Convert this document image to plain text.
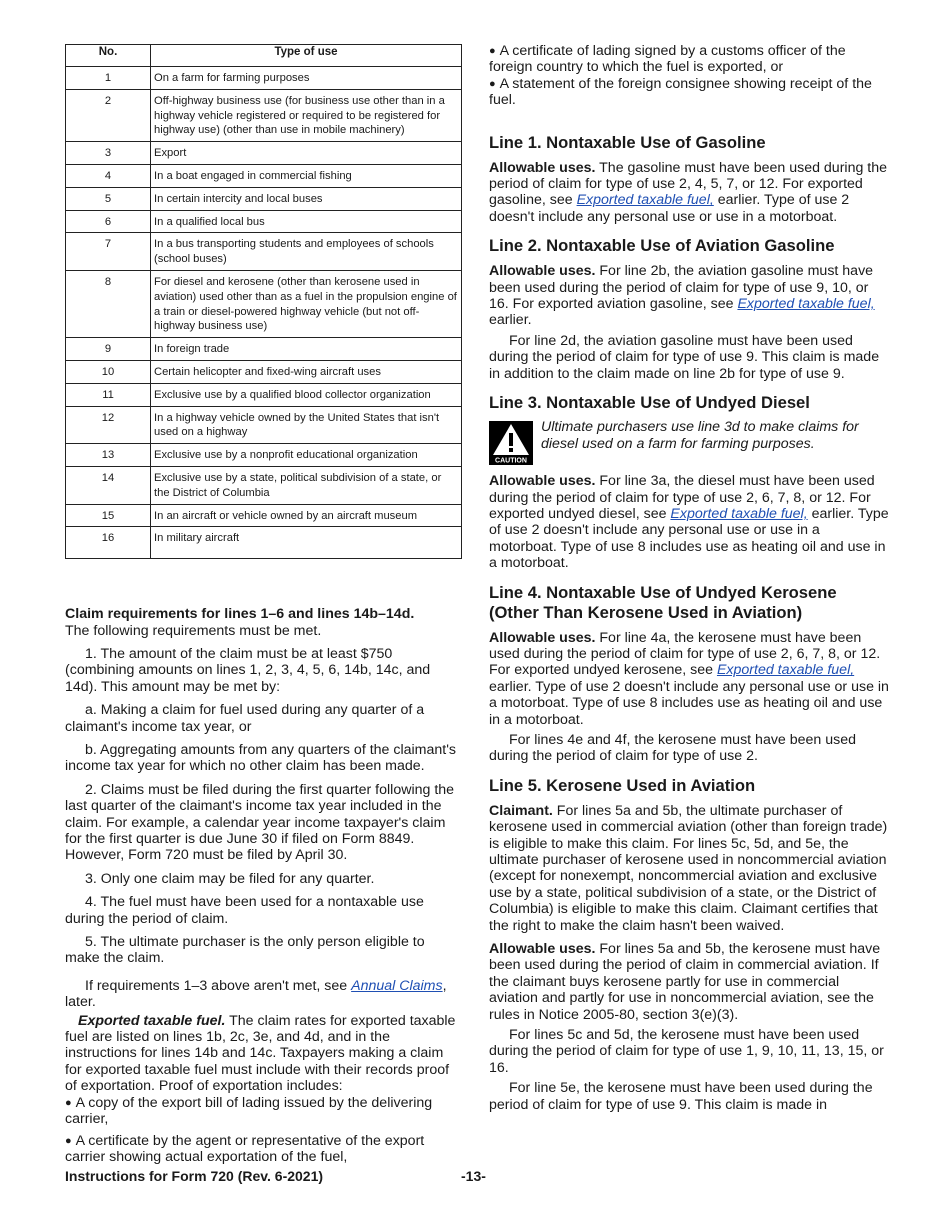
No.	Type of use
1	On a farm for farming purposes
2	Off-highway business use (for business use other than in a highway vehicle registered or required to be registered for highway use) (other than use in mobile machinery)
3	Export
4	In a boat engaged in commercial fishing
5	In certain intercity and local buses
6	In a qualified local bus
7	In a bus transporting students and employees of schools (school buses)
8	For diesel and kerosene (other than kerosene used in aviation) used other than as a fuel in the propulsion engine of a train or diesel-powered highway vehicle (but not off-highway business use)
9	In foreign trade
10	Certain helicopter and fixed-wing aircraft uses
11	Exclusive use by a qualified blood collector organization
12	In a highway vehicle owned by the United States that isn't used on a highway
13	Exclusive use by a nonprofit educational organization
14	Exclusive use by a state, political subdivision of a state, or the District of Columbia
15	In an aircraft or vehicle owned by an aircraft museum
16	In military aircraft

Claim requirements for lines 1–6 and lines 14b–14d.
The following requirements must be met.

1. The amount of the claim must be at least $750 (combining amounts on lines 1, 2, 3, 4, 5, 6, 14b, 14c, and 14d). This amount may be met by:

a. Making a claim for fuel used during any quarter of a claimant's income tax year, or

b. Aggregating amounts from any quarters of the claimant's income tax year for which no other claim has been made.

2. Claims must be filed during the first quarter following the last quarter of the claimant's income tax year included in the claim. For example, a calendar year income taxpayer's claim for the first quarter is due June 30 if filed on Form 8849. However, Form 720 must be filed by April 30.

3. Only one claim may be filed for any quarter.

4. The fuel must have been used for a nontaxable use during the period of claim.

5. The ultimate purchaser is the only person eligible to make the claim.

If requirements 1–3 above aren't met, see Annual Claims, later.

Exported taxable fuel. The claim rates for exported taxable fuel are listed on lines 1b, 2c, 3e, and 4d, and in the instructions for lines 14b and 14c. Taxpayers making a claim for exported taxable fuel must include with their records proof of exportation. Proof of exportation includes:

● A copy of the export bill of lading issued by the delivering carrier,

● A certificate by the agent or representative of the export carrier showing actual exportation of the fuel,

● A certificate of lading signed by a customs officer of the foreign country to which the fuel is exported, or

● A statement of the foreign consignee showing receipt of the fuel.

Line 1. Nontaxable Use of Gasoline

Allowable uses. The gasoline must have been used during the period of claim for type of use 2, 4, 5, 7, or 12. For exported gasoline, see Exported taxable fuel, earlier. Type of use 2 doesn't include any personal use or use in a motorboat.

Line 2. Nontaxable Use of Aviation Gasoline

Allowable uses. For line 2b, the aviation gasoline must have been used during the period of claim for type of use 9, 10, or 16. For exported aviation gasoline, see Exported taxable fuel, earlier.

For line 2d, the aviation gasoline must have been used during the period of claim for type of use 9. This claim is made in addition to the claim made on line 2b for type of use 9.

Line 3. Nontaxable Use of Undyed Diesel
CAUTION

Ultimate purchasers use line 3d to make claims for diesel used on a farm for farming purposes.

Allowable uses. For line 3a, the diesel must have been used during the period of claim for type of use 2, 6, 7, 8, or 12. For exported undyed diesel, see Exported taxable fuel, earlier. Type of use 2 doesn't include any personal use or use in a motorboat. Type of use 8 includes use as heating oil and use in a motorboat.

Line 4. Nontaxable Use of Undyed Kerosene (Other Than Kerosene Used in Aviation)

Allowable uses. For line 4a, the kerosene must have been used during the period of claim for type of use 2, 6, 7, 8, or 12. For exported undyed kerosene, see Exported taxable fuel, earlier. Type of use 2 doesn't include any personal use or use in a motorboat. Type of use 8 includes use as heating oil and use in a motorboat.

For lines 4e and 4f, the kerosene must have been used during the period of claim for type of use 2.

Line 5. Kerosene Used in Aviation

Claimant. For lines 5a and 5b, the ultimate purchaser of kerosene used in commercial aviation (other than foreign trade) is eligible to make this claim. For lines 5c, 5d, and 5e, the ultimate purchaser of kerosene used in noncommercial aviation (except for nonexempt, noncommercial aviation and exclusive use by a state, political subdivision of a state, or the District of Columbia) is eligible to make this claim. Claimant certifies that the right to make the claim hasn't been waived.

Allowable uses. For lines 5a and 5b, the kerosene must have been used during the period of claim in commercial aviation. If the claimant buys kerosene partly for use in commercial aviation and partly for use in noncommercial aviation, see the rules in Notice 2005-80, section 3(e)(3).

For lines 5c and 5d, the kerosene must have been used during the period of claim for type of use 1, 9, 10, 11, 13, 15, or 16.

For line 5e, the kerosene must have been used during the period of claim for type of use 9. This claim is made in

Instructions for Form 720 (Rev. 6-2021)	-13-
